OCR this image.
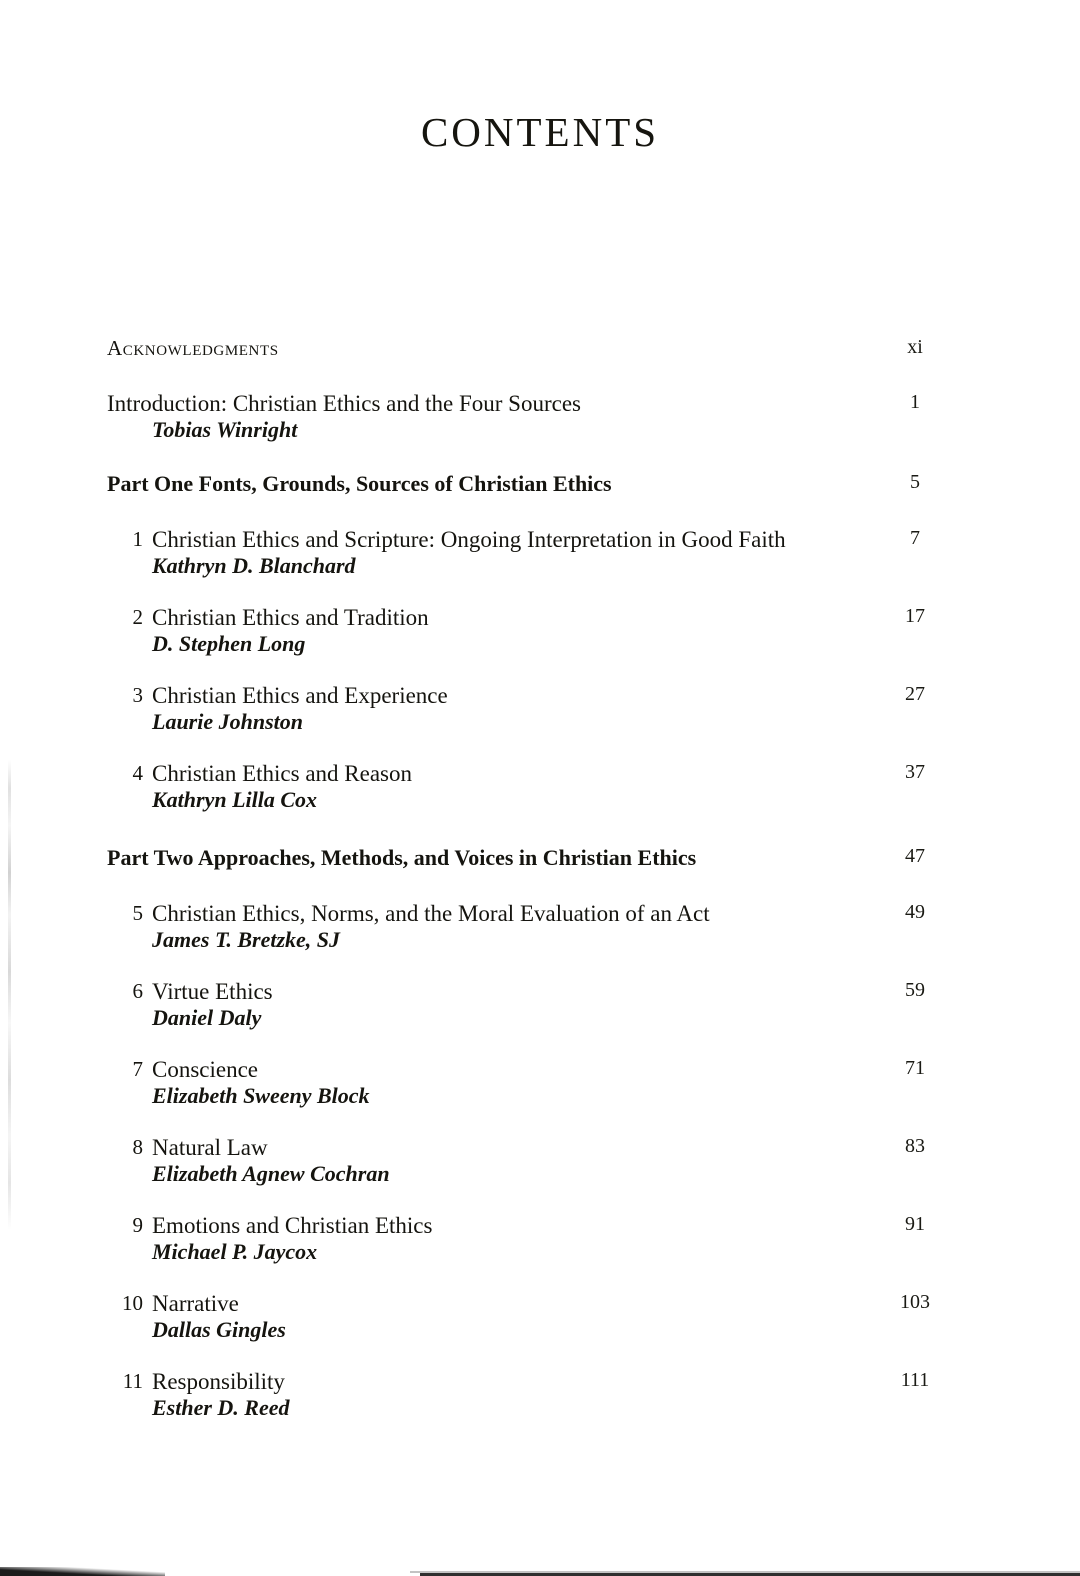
CONTENTS
Acknowledgments	xi
Introduction: Christian Ethics and the Four Sources	1
Tobias Winright
Part One Fonts, Grounds, Sources of Christian Ethics	5
1 Christian Ethics and Scripture: Ongoing Interpretation in Good Faith	7
Kathryn D. Blanchard
2 Christian Ethics and Tradition	17
D. Stephen Long
3 Christian Ethics and Experience	27
Laurie Johnston
4 Christian Ethics and Reason	37
Kathryn Lilla Cox
Part Two Approaches, Methods, and Voices in Christian Ethics	47
5 Christian Ethics, Norms, and the Moral Evaluation of an Act	49
James T. Bretzke, SJ
6 Virtue Ethics	59
Daniel Daly
7 Conscience	71
Elizabeth Sweeny Block
8 Natural Law	83
Elizabeth Agnew Cochran
9 Emotions and Christian Ethics	91
Michael P. Jaycox
10 Narrative	103
Dallas Gingles
11 Responsibility	111
Esther D. Reed
